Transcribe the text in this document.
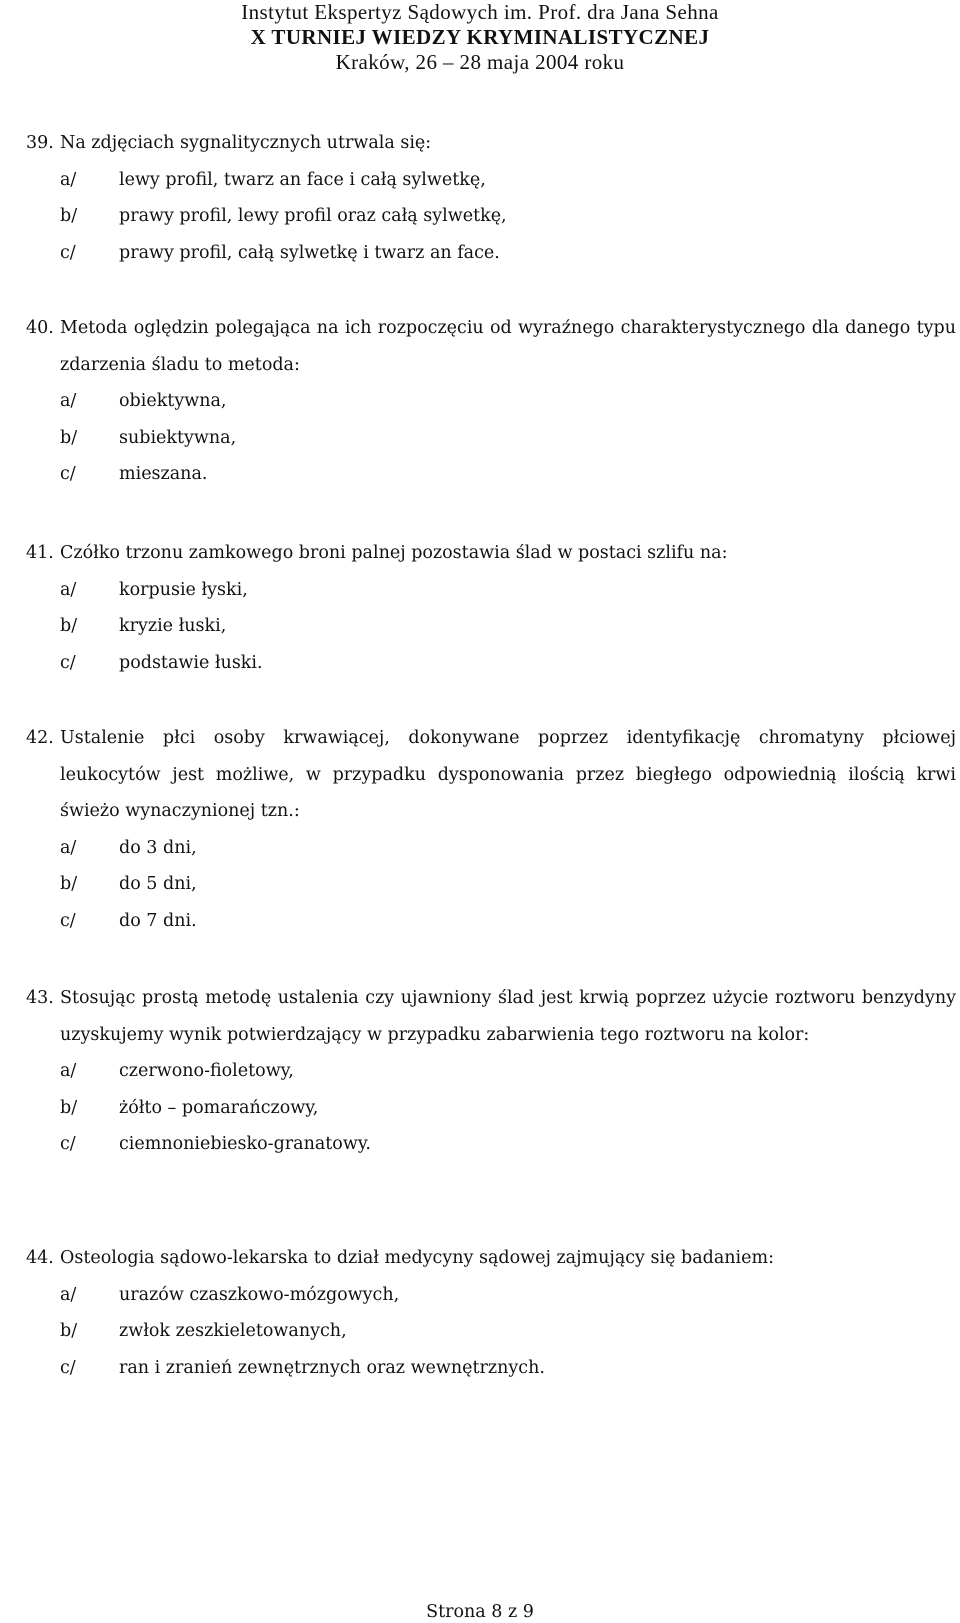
Instytut Ekspertyz Sądowych im. Prof. dra Jana Sehna
X TURNIEJ WIEDZY KRYMINALISTYCZNEJ
Kraków, 26 – 28 maja 2004 roku
39. Na zdjęciach sygnalitycznych utrwala się:
a/ lewy profil, twarz an face i całą sylwetkę,
b/ prawy profil, lewy profil oraz całą sylwetkę,
c/ prawy profil, całą sylwetkę i twarz an face.
40. Metoda oględzin polegająca na ich rozpoczęciu od wyraźnego charakterystycznego dla danego typu zdarzenia śladu to metoda:
a/ obiektywna,
b/ subiektywna,
c/ mieszana.
41. Czółko trzonu zamkowego broni palnej pozostawia ślad w postaci szlifu na:
a/ korpusie łyski,
b/ kryzie łuski,
c/ podstawie łuski.
42. Ustalenie płci osoby krwawiącej, dokonywane poprzez identyfikację chromatyny płciowej leukocytów jest możliwe, w przypadku dysponowania przez biegłego odpowiednią ilością krwi świeżo wynaczynionej tzn.:
a/ do 3 dni,
b/ do 5 dni,
c/ do 7 dni.
43. Stosując prostą metodę ustalenia czy ujawniony ślad jest krwią poprzez użycie roztworu benzydyny uzyskujemy wynik potwierdzający w przypadku zabarwienia tego roztworu na kolor:
a/ czerwono-fioletowy,
b/ żółto – pomarańczowy,
c/ ciemnoniebiesko-granatowy.
44. Osteologia sądowo-lekarska to dział medycyny sądowej zajmujący się badaniem:
a/ urazów czaszkowo-mózgowych,
b/ zwłok zeszkieletowanych,
c/ ran i zranień zewnętrznych oraz wewnętrznych.
Strona 8 z 9
